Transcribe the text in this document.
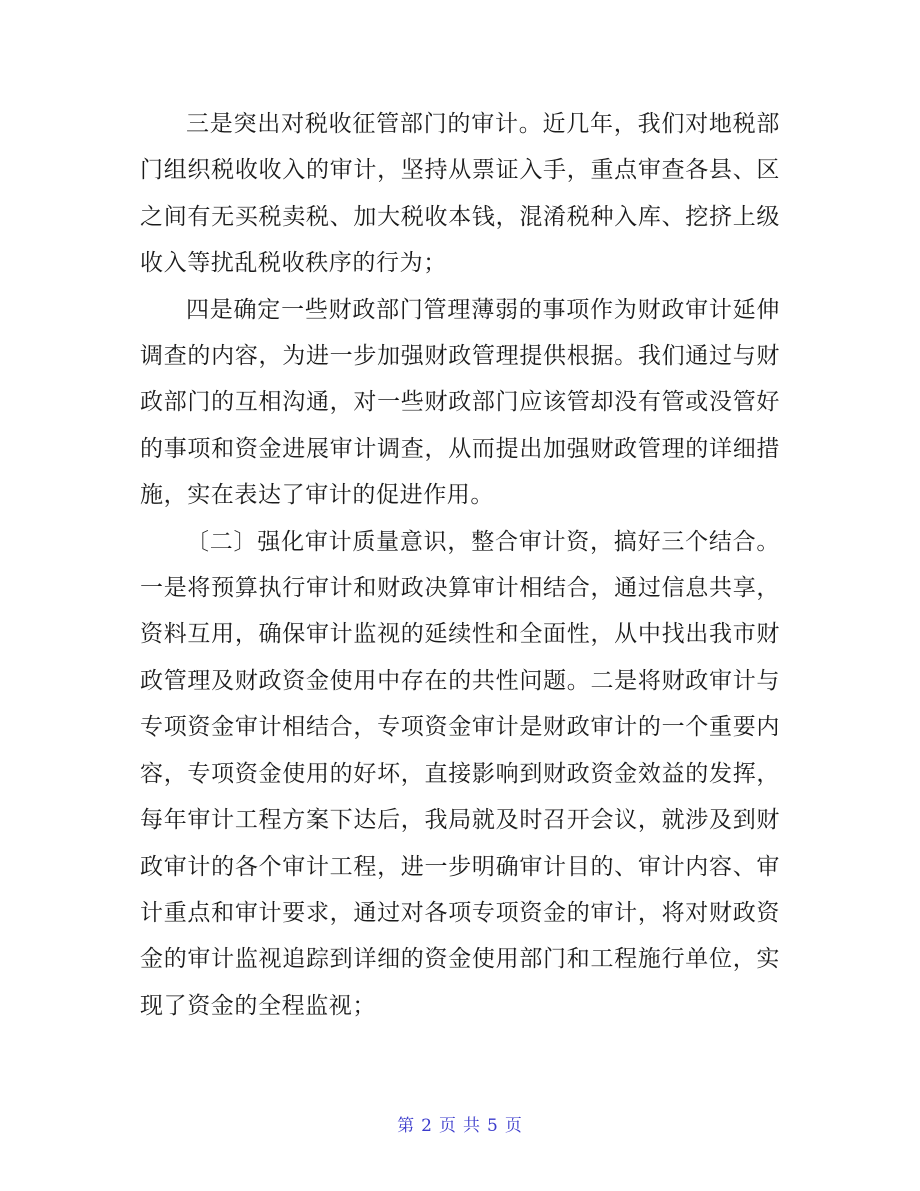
三是突出对税收征管部门的审计。近几年，我们对地税部门组织税收收入的审计，坚持从票证入手，重点审查各县、区之间有无买税卖税、加大税收本钱，混淆税种入库、挖挤上级收入等扰乱税收秩序的行为；

四是确定一些财政部门管理薄弱的事项作为财政审计延伸调查的内容，为进一步加强财政管理提供根据。我们通过与财政部门的互相沟通，对一些财政部门应该管却没有管或没管好的事项和资金进展审计调查，从而提出加强财政管理的详细措施，实在表达了审计的促进作用。

〔二〕强化审计质量意识，整合审计资，搞好三个结合。一是将预算执行审计和财政决算审计相结合，通过信息共享，资料互用，确保审计监视的延续性和全面性，从中找出我市财政管理及财政资金使用中存在的共性问题。二是将财政审计与专项资金审计相结合，专项资金审计是财政审计的一个重要内容，专项资金使用的好坏，直接影响到财政资金效益的发挥，每年审计工程方案下达后，我局就及时召开会议，就涉及到财政审计的各个审计工程，进一步明确审计目的、审计内容、审计重点和审计要求，通过对各项专项资金的审计，将对财政资金的审计监视追踪到详细的资金使用部门和工程施行单位，实现了资金的全程监视；

第 2 页 共 5 页
